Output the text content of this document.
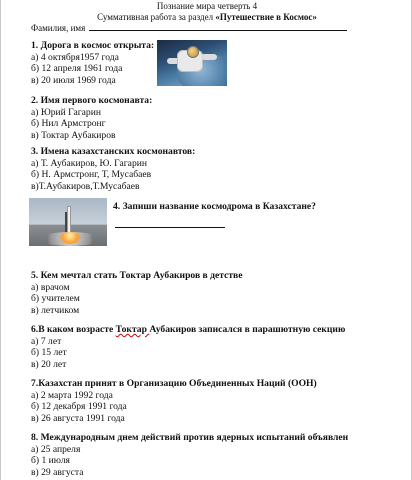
Познание мира четверть 4
Суммативная работа за раздел «Путешествие в Космос»
Фамилия, имя
1. Дорога в космос открыта:
а) 4 октября1957 года
б) 12 апреля 1961 года
в) 20 июля 1969 года
2. Имя первого космонавта:
а) Юрий Гагарин
б) Нил Армстронг
в) Токтар Аубакиров
3. Имена казахстанских космонавтов:
а) Т. Аубакиров, Ю. Гагарин
б) Н. Армстронг, Т, Мусабаев
в)Т.Аубакиров,Т.Мусабаев
4. Запиши название космодрома в Казахстане?
5. Кем мечтал стать Токтар Аубакиров в детстве
а) врачом
б) учителем
в) летчиком
6.В каком возрасте Токтар Аубакиров записался в парашютную секцию
а) 7 лет
б) 15 лет
в) 20 лет
7.Казахстан принят в Организацию Объединенных Наций (ООН)
а) 2 марта 1992 года
б) 12 декабря 1991 года
в) 26 августа 1991 года
8. Международным днем действий против ядерных испытаний объявлен
а) 25 апреля
б) 1 июля
в) 29 августа
